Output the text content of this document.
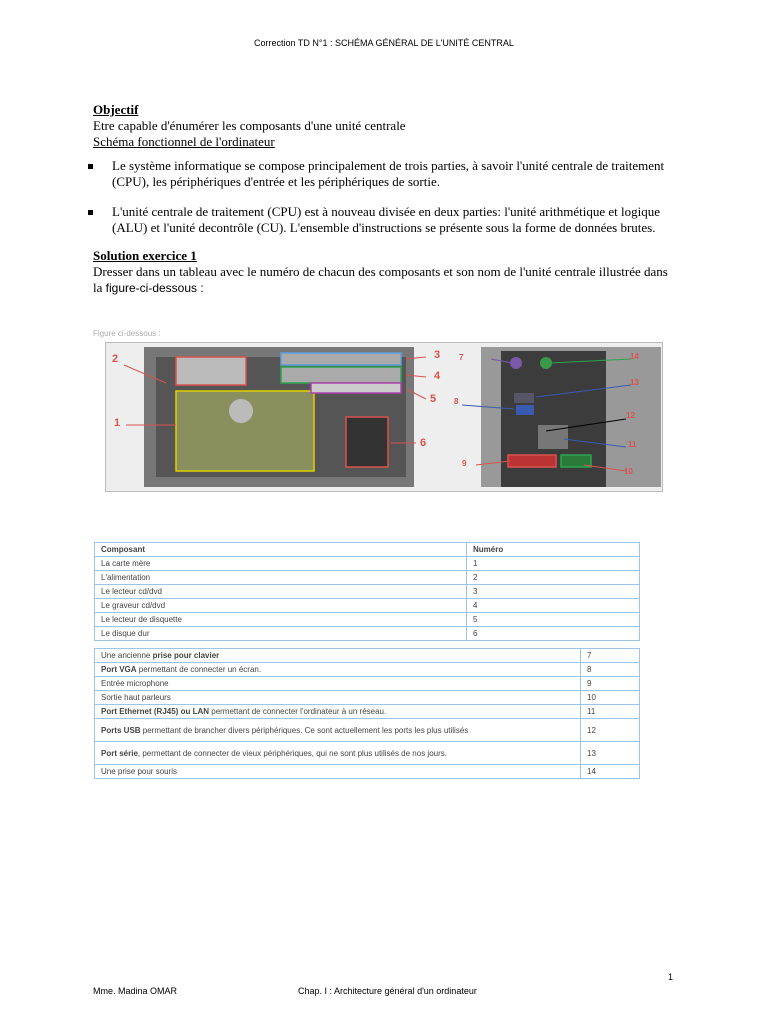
Correction TD N°1 : SCHÉMA GÉNÉRAL DE L'UNITÉ CENTRAL
Objectif
Etre capable d'énumérer les composants d'une unité centrale
Schéma fonctionnel de l'ordinateur
Le système informatique se compose principalement de trois parties, à savoir l'unité centrale de traitement (CPU), les périphériques d'entrée et les périphériques de sortie.
L'unité centrale de traitement (CPU) est à nouveau divisée en deux parties: l'unité arithmétique et logique (ALU) et l'unité decontrôle (CU). L'ensemble d'instructions se présente sous la forme de données brutes.
Solution exercice 1
Dresser dans un tableau avec le numéro de chacun des composants et son nom de l'unité centrale illustrée dans la figure-ci-dessous :
Figure ci-dessous :
2	3
4
5
1
6
7	14
13
8
12
11
9
10
Composant	Numéro
La carte mère	1
L'alimentation	2
Le lecteur cd/dvd	3
Le graveur cd/dvd	4
Le lecteur de disquette	5
Le disque dur	6
Une ancienne prise pour clavier	7
Port VGA permettant de connecter un écran.	8
Entrée microphone	9
Sortie haut parleurs	10
Port Ethernet (RJ45) ou LAN permettant de connecter l'ordinateur à un réseau.	11
Ports USB permettant de brancher divers périphériques. Ce sont actuellement les ports les plus utilisés	12
Port série, permettant de connecter de vieux périphériques, qui ne sont plus utilisés de nos jours.	13
Une prise pour souris	14
1
Mme. Madina OMAR	Chap. I : Architecture général d'un ordinateur
